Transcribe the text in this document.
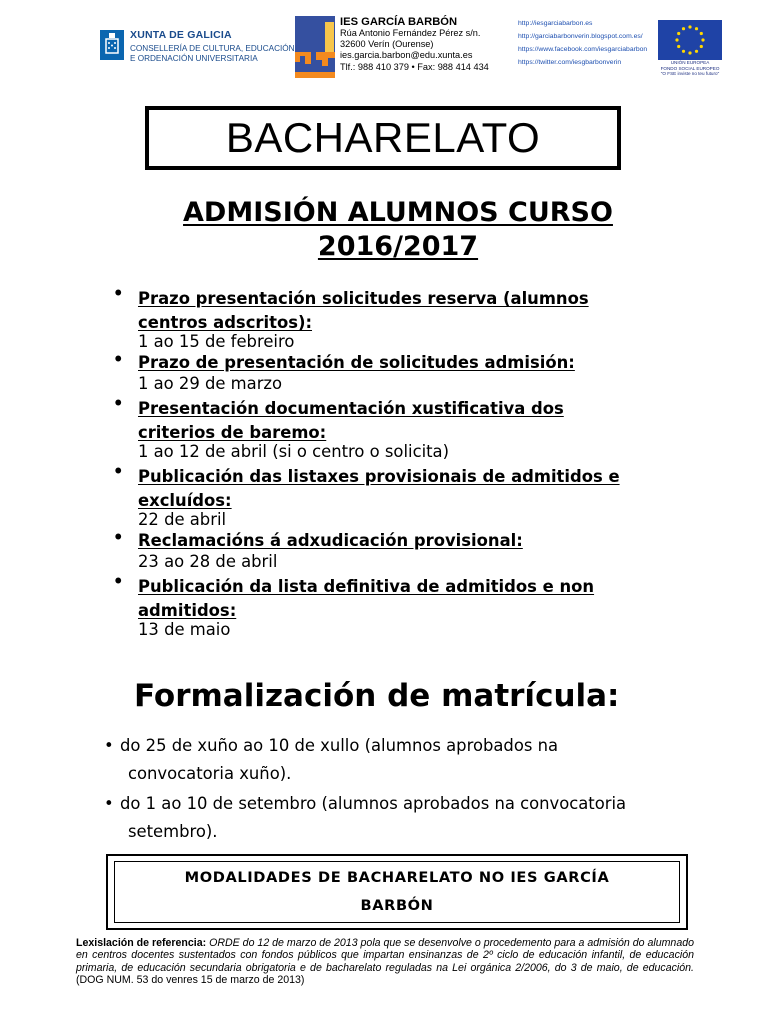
XUNTA DE GALICIA
CONSELLERÍA DE CULTURA, EDUCACIÓN
E ORDENACIÓN UNIVERSITARIA
IES GARCÍA BARBÓN
Rúa Antonio Fernández Pérez s/n.
32600 Verín (Ourense)
ies.garcia.barbon@edu.xunta.es
Tlf.: 988 410 379 • Fax: 988 414 434
http://iesgarciabarbon.es
http://garciabarbonverin.blogspot.com.es/
https://www.facebook.com/iesgarciabarbon
https://twitter.com/iesgbarbonverin	UNIÓN EUROPEA
FONDO SOCIAL EUROPEO
"O FSE inviste no teu futuro"
BACHARELATO
ADMISIÓN ALUMNOS CURSO
2016/2017
• Prazo presentación solicitudes reserva (alumnos
centros adscritos):
1 ao 15 de febreiro
• Prazo de presentación de solicitudes admisión:
1 ao 29 de marzo
• Presentación documentación xustificativa dos
criterios de baremo:
1 ao 12 de abril (si o centro o solicita)
• Publicación das listaxes provisionais de admitidos e
excluídos:
22 de abril
• Reclamacións á adxudicación provisional:
23 ao 28 de abril
• Publicación da lista definitiva de admitidos e non
admitidos:
13 de maio
Formalización de matrícula:
• do 25 de xuño ao 10 de xullo (alumnos aprobados na
convocatoria xuño).
• do 1 ao 10 de setembro (alumnos aprobados na convocatoria
setembro).
MODALIDADES DE BACHARELATO NO IES GARCÍA
BARBÓN
Lexislación de referencia: ORDE do 12 de marzo de 2013 pola que se desenvolve o procedemento para a admisión do alumnado en centros docentes sustentados con fondos públicos que impartan ensinanzas de 2º ciclo de educación infantil, de educación primaria, de educación secundaria obrigatoria e de bacharelato reguladas na Lei orgánica 2/2006, do 3 de maio, de educación. (DOG NUM. 53 do venres 15 de marzo de 2013)
